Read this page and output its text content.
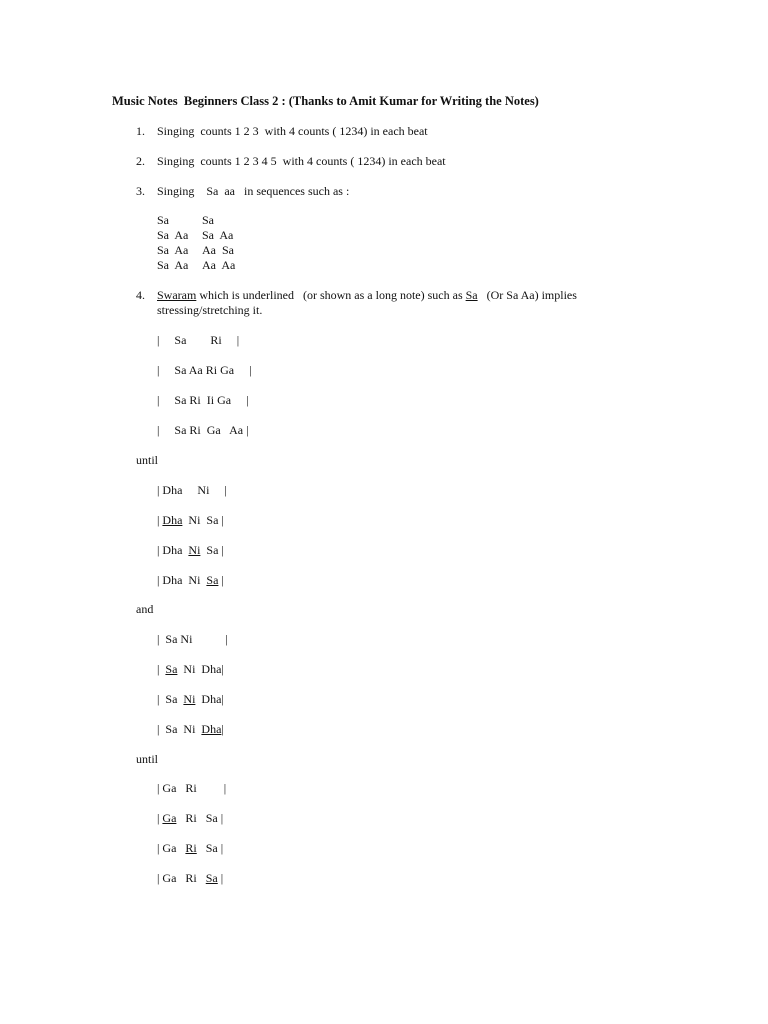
Music Notes  Beginners Class 2 : (Thanks to Amit Kumar for Writing the Notes)
1. Singing  counts 1 2 3  with 4 counts ( 1234) in each beat
2. Singing  counts 1 2 3 4 5  with 4 counts ( 1234) in each beat
3. Singing    Sa  aa   in sequences such as :
Sa	Sa
Sa  Aa Sa  Aa
Sa  Aa Aa  Sa
Sa  Aa Aa  Aa
4. Swaram which is underlined   (or shown as a long note) such as Sa   (Or Sa Aa) implies
stressing/stretching it.
|     Sa        Ri     |
|     Sa Aa Ri Ga     |
|     Sa Ri  Ii Ga     |
|     Sa Ri  Ga   Aa |
until
| Dha     Ni     |
| Dha  Ni  Sa |
| Dha  Ni  Sa |
| Dha  Ni  Sa |
and
| Sa Ni           |
| Sa  Ni  Dha|
| Sa  Ni  Dha|
| Sa  Ni  Dha|
until
| Ga   Ri         |
| Ga   Ri   Sa |
| Ga   Ri   Sa |
| Ga   Ri   Sa |
